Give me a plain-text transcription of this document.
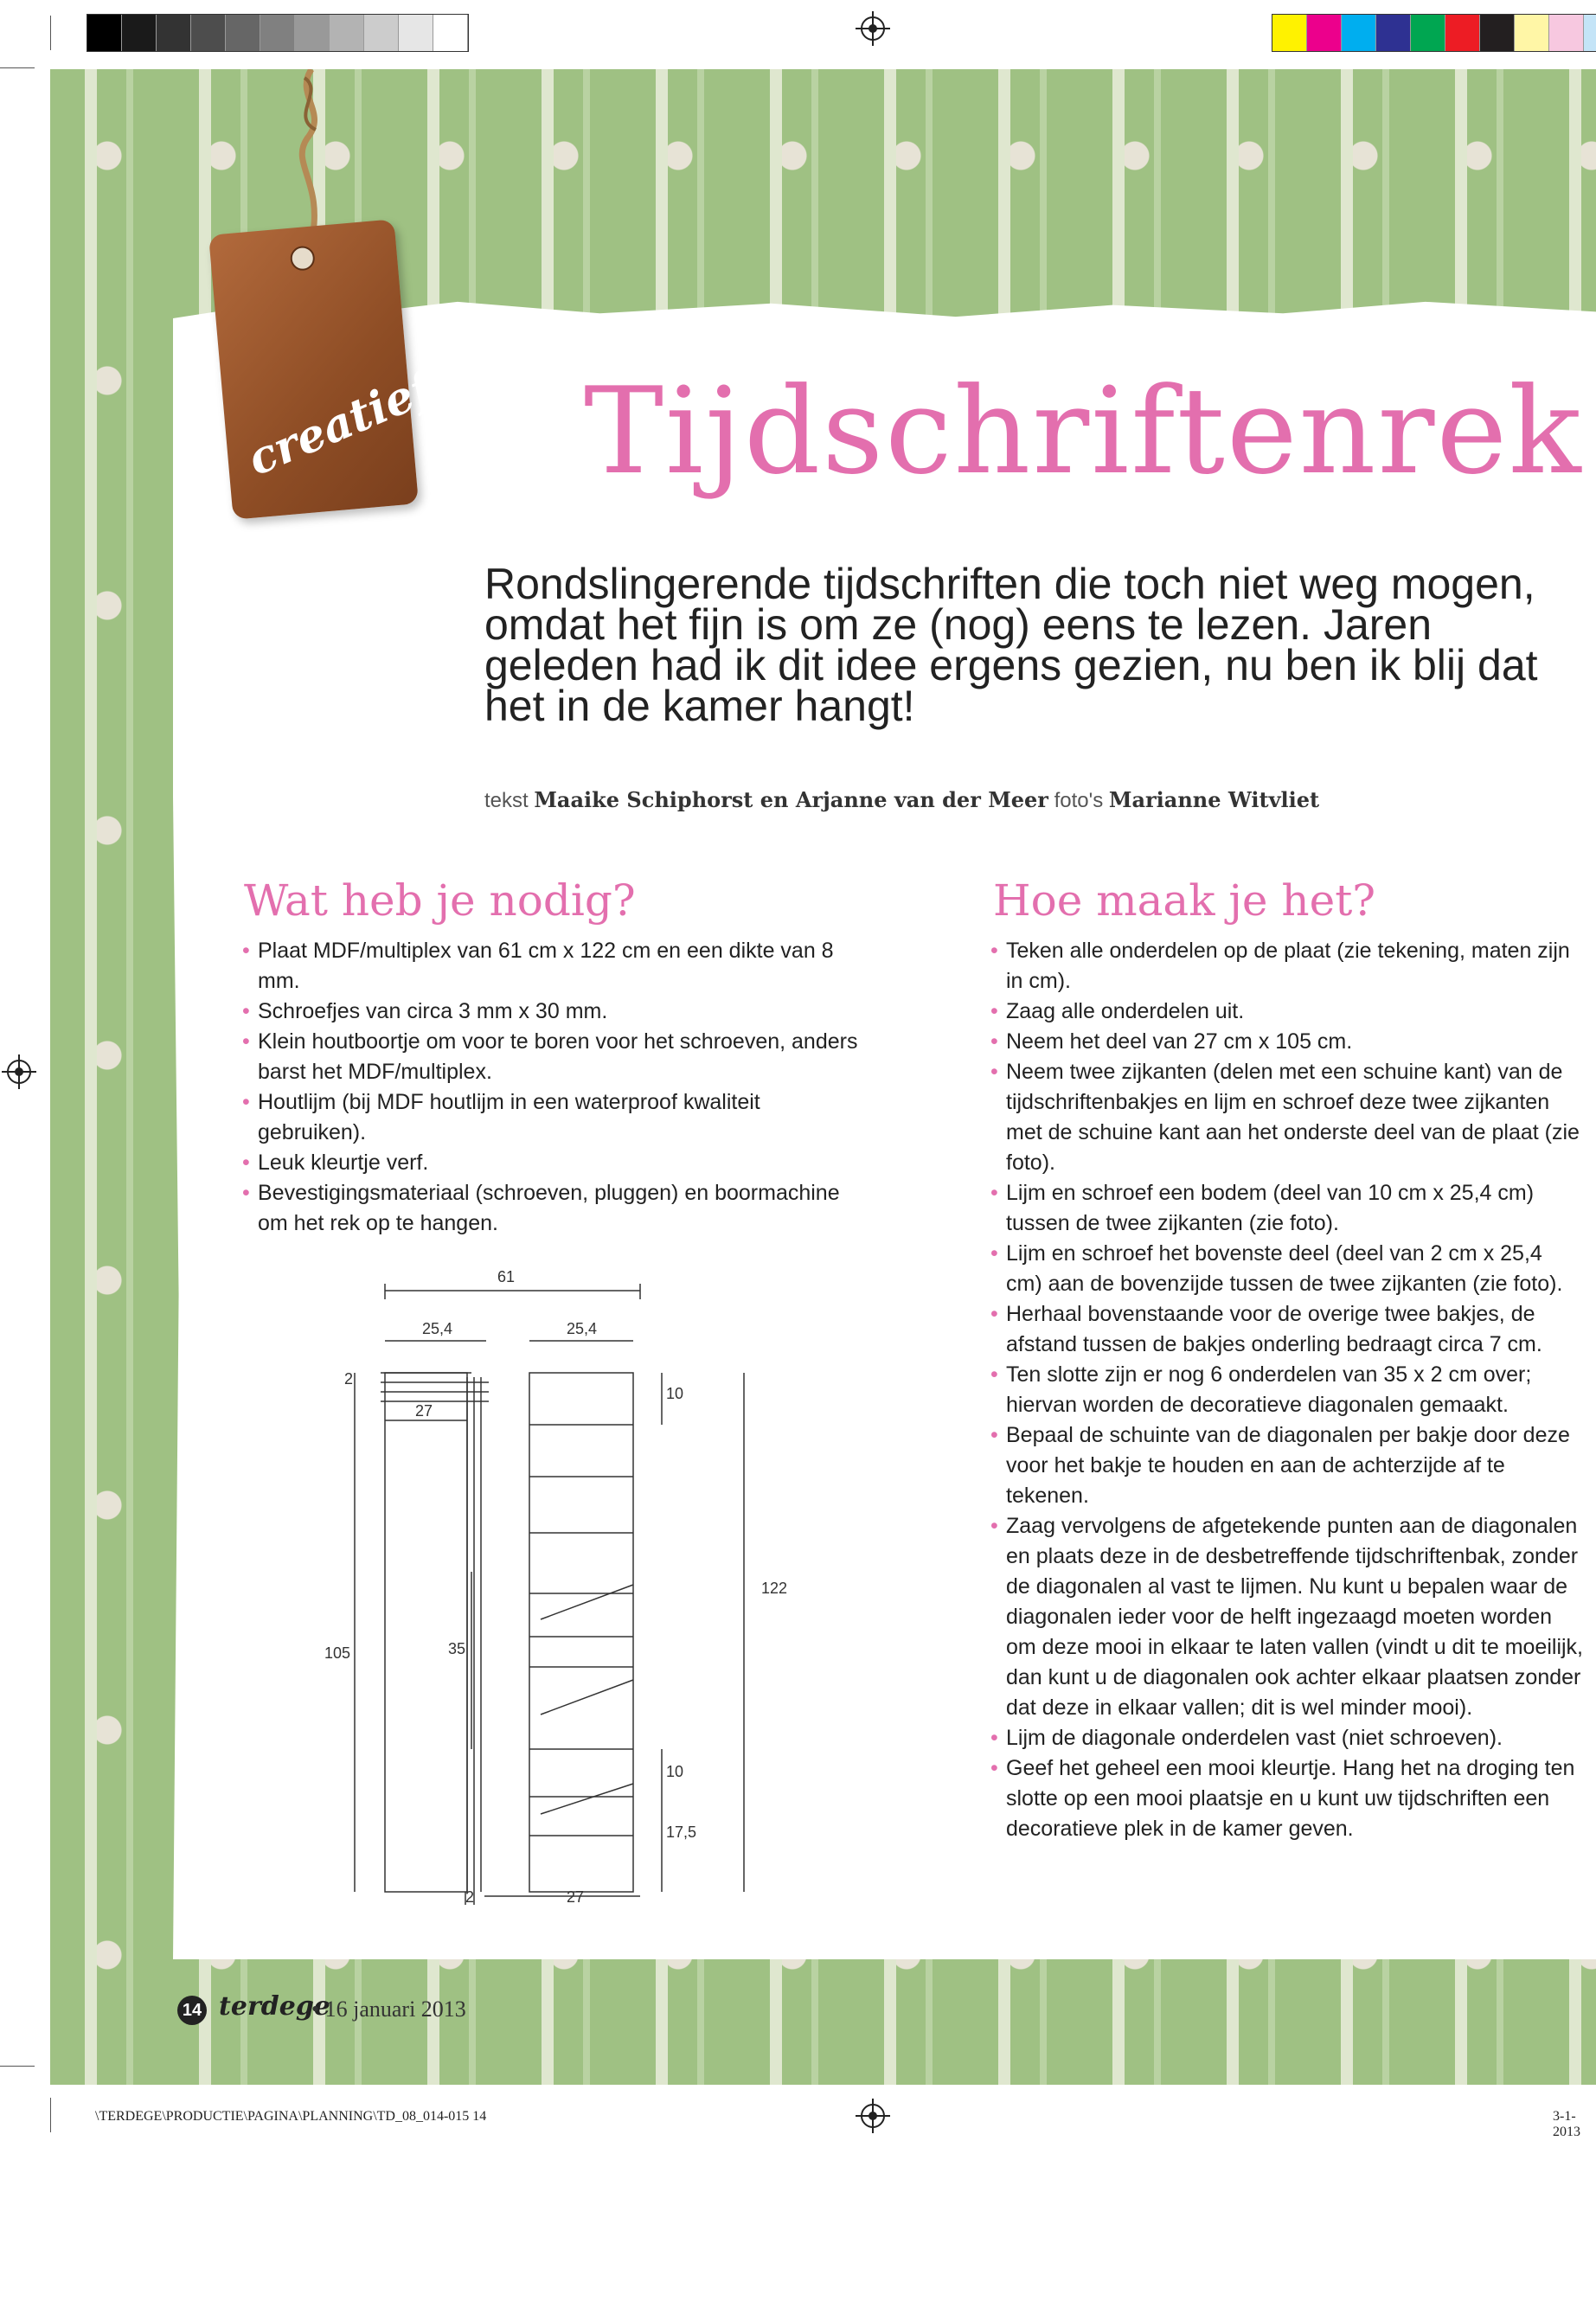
creatief Tijdschriftenrek
Rondslingerende tijdschriften die toch niet weg mogen, omdat het fijn is om ze (nog) eens te lezen. Jaren geleden had ik dit idee ergens gezien, nu ben ik blij dat het in de kamer hangt!
tekst Maaike Schiphorst en Arjanne van der Meer foto's Marianne Witvliet
Wat heb je nodig?
• Plaat MDF/multiplex van 61 cm x 122 cm en een dikte van 8 mm.
• Schroefjes van circa 3 mm x 30 mm.
• Klein houtboortje om voor te boren voor het schroeven, anders barst het MDF/multiplex.
• Houtlijm (bij MDF houtlijm in een waterproof kwaliteit gebruiken).
• Leuk kleurtje verf.
• Bevestigingsmateriaal (schroeven, pluggen) en boormachine om het rek op te hangen.
61
25,4	25,4
2
27
10
122
105	35
10
17,5
2	27
Hoe maak je het?
• Teken alle onderdelen op de plaat (zie tekening, maten zijn in cm).
• Zaag alle onderdelen uit.
• Neem het deel van 27 cm x 105 cm.
• Neem twee zijkanten (delen met een schuine kant) van de tijdschriftenbakjes en lijm en schroef deze twee zijkanten met de schuine kant aan het onderste deel van de plaat (zie foto).
• Lijm en schroef een bodem (deel van 10 cm x 25,4 cm) tussen de twee zijkanten (zie foto).
• Lijm en schroef het bovenste deel (deel van 2 cm x 25,4 cm) aan de bovenzijde tussen de twee zijkanten (zie foto).
• Herhaal bovenstaande voor de overige twee bakjes, de afstand tussen de bakjes onderling bedraagt circa 7 cm.
• Ten slotte zijn er nog 6 onderdelen van 35 x 2 cm over; hiervan worden de decoratieve diagonalen gemaakt.
• Bepaal de schuinte van de diagonalen per bakje door deze voor het bakje te houden en aan de achterzijde af te tekenen.
• Zaag vervolgens de afgetekende punten aan de diagonalen en plaats deze in de desbetreffende tijdschriftenbak, zonder de diagonalen al vast te lijmen. Nu kunt u bepalen waar de diagonalen ieder voor de helft ingezaagd moeten worden om deze mooi in elkaar te laten vallen (vindt u dit te moeilijk, dan kunt u de diagonalen ook achter elkaar plaatsen zonder dat deze in elkaar vallen; dit is wel minder mooi).
• Lijm de diagonale onderdelen vast (niet schroeven).
• Geef het geheel een mooi kleurtje. Hang het na droging ten slotte op een mooi plaatsje en u kunt uw tijdschriften een decoratieve plek in de kamer geven.
14 terdege
• 16 januari 2013
\TERDEGE\PRODUCTIE\PAGINA\PLANNING\TD_08_014-015 14	3-1-2013
